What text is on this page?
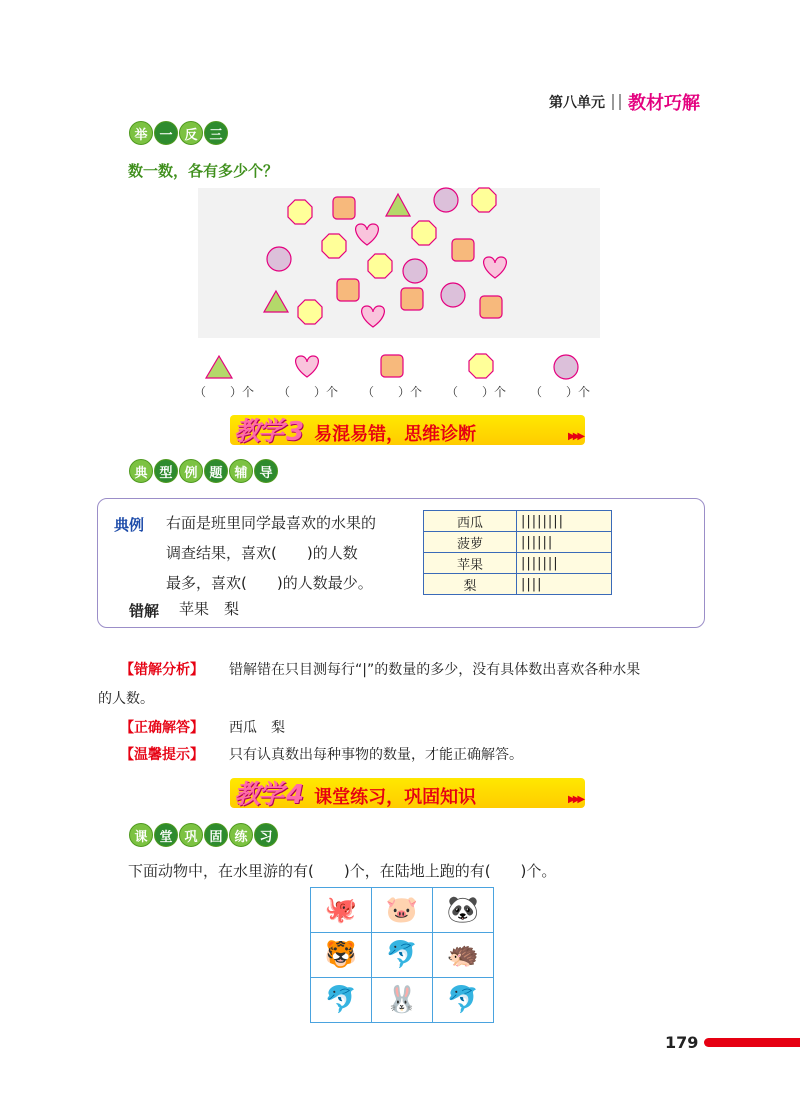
第八单元 教材巧解
举 一 反 三
数一数，各有多少个？
（　　）个	（　　）个	（　　）个	（　　）个	（　　）个
教学 3 易混易错，思维诊断	▶▶▶
典 型 例 题 辅 导
典例 右面是班里同学最喜欢的水果的
调查结果，喜欢(　　)的人数
最多，喜欢(　　)的人数最少。
错解 苹果　梨
西瓜	||||||||
菠萝	||||||
苹果	|||||||
梨	||||
【错解分析】 错解错在只目测每行“|”的数量的多少，没有具体数出喜欢各种水果
的人数。
【正确解答】 西瓜　梨
【温馨提示】 只有认真数出每种事物的数量，才能正确解答。
教学 4 课堂练习，巩固知识	▶▶▶
课 堂 巩 固 练 习
下面动物中，在水里游的有(　　)个，在陆地上跑的有(　　)个。
🐙	🐷	🐼
🐯	🐬	🦔
🐬	🐰	🐬
179
